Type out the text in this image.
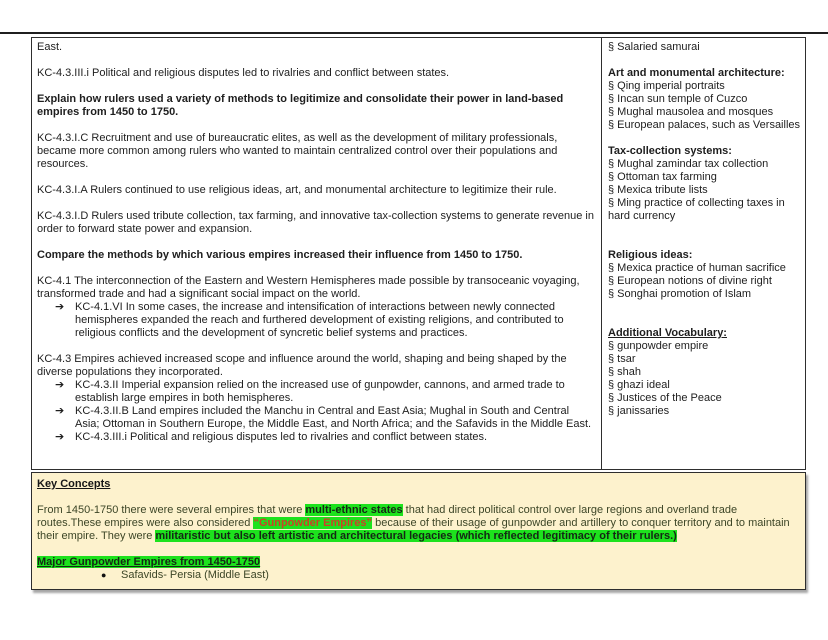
East.
KC-4.3.III.i Political and religious disputes led to rivalries and conflict between states.
Explain how rulers used a variety of methods to legitimize and consolidate their power in land-based empires from 1450 to 1750.
KC-4.3.I.C Recruitment and use of bureaucratic elites, as well as the development of military professionals, became more common among rulers who wanted to maintain centralized control over their populations and resources.
KC-4.3.I.A Rulers continued to use religious ideas, art, and monumental architecture to legitimize their rule.
KC-4.3.I.D Rulers used tribute collection, tax farming, and innovative tax-collection systems to generate revenue in order to forward state power and expansion.
Compare the methods by which various empires increased their influence from 1450 to 1750.
KC-4.1 The interconnection of the Eastern and Western Hemispheres made possible by transoceanic voyaging, transformed trade and had a significant social impact on the world.
➔ KC-4.1.VI In some cases, the increase and intensification of interactions between newly connected hemispheres expanded the reach and furthered development of existing religions, and contributed to religious conflicts and the development of syncretic belief systems and practices.
KC-4.3 Empires achieved increased scope and influence around the world, shaping and being shaped by the diverse populations they incorporated.
➔ KC-4.3.II Imperial expansion relied on the increased use of gunpowder, cannons, and armed trade to establish large empires in both hemispheres.
➔ KC-4.3.II.B Land empires included the Manchu in Central and East Asia; Mughal in South and Central Asia; Ottoman in Southern Europe, the Middle East, and North Africa; and the Safavids in the Middle East.
➔ KC-4.3.III.i Political and religious disputes led to rivalries and conflict between states.
§ Salaried samurai
Art and monumental architecture:
§ Qing imperial portraits
§ Incan sun temple of Cuzco
§ Mughal mausolea and mosques
§ European palaces, such as Versailles
Tax-collection systems:
§ Mughal zamindar tax collection
§ Ottoman tax farming
§ Mexica tribute lists
§ Ming practice of collecting taxes in hard currency
Religious ideas:
§ Mexica practice of human sacrifice
§ European notions of divine right
§ Songhai promotion of Islam
Additional Vocabulary:
§ gunpowder empire
§ tsar
§ shah
§ ghazi ideal
§ Justices of the Peace
§ janissaries
Key Concepts
From 1450-1750 there were several empires that were multi-ethnic states that had direct political control over large regions and overland trade routes.These empires were also considered “Gunpowder Empires” because of their usage of gunpowder and artillery to conquer territory and to maintain their empire. They were militaristic but also left artistic and architectural legacies (which reflected legitimacy of their rulers.)
Major Gunpowder Empires from 1450-1750
● Safavids- Persia (Middle East)
